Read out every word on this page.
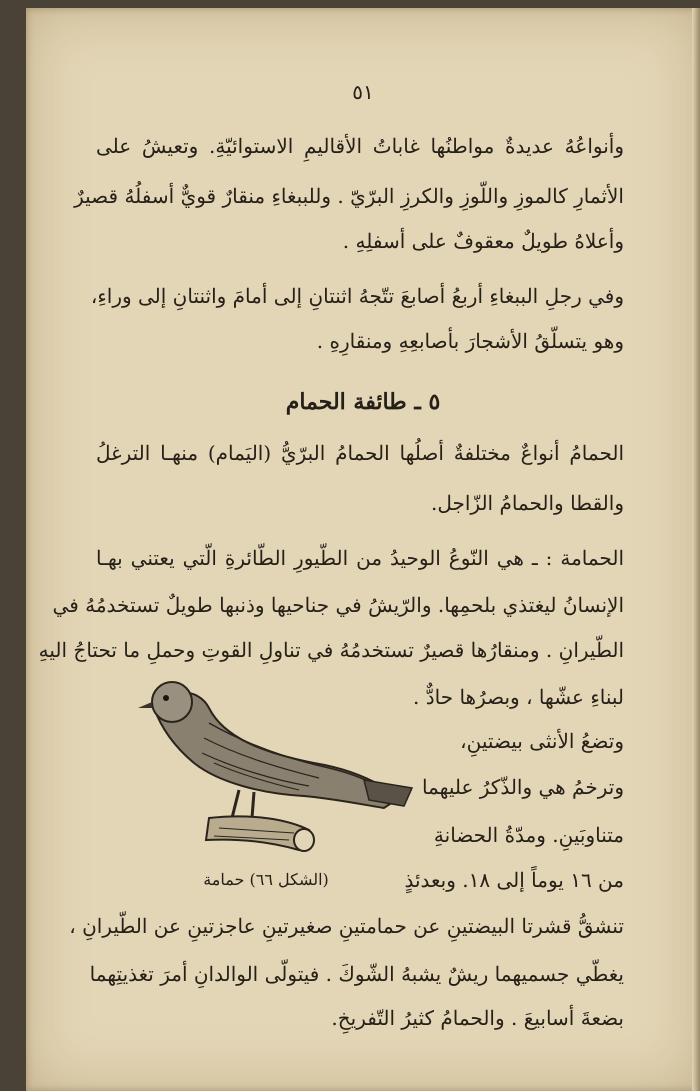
٥١
وأنواعُهُ عديدةٌ مواطنُها غاباتُ الأقاليمِ الاستوائيّةِ. وتعيشُ على
الأثمارِ كالموزِ واللّوزِ والكرزِ البرّيّ . وللببغاءِ منقارٌ قويٌّ أسفلُهُ قصيرٌ
وأعلاهُ طويلٌ معقوفٌ على أسفلِهِ .
وفي رجلِ الببغاءِ أربعُ أصابعَ تتّجهُ اثنتانِ إلى أمامَ واثنتانِ إلى وراءِ،
وهو يتسلّقُ الأشجارَ بأصابعِهِ ومنقارِهِ .
٥ ـ طائفة الحمام
الحمامُ أنواعٌ مختلفةٌ أصلُها الحمامُ البرّيُّ (اليَمام) منهـا الترغلُ
والقطا والحمامُ الزّاجل.
الحمامة : ـ هي النّوعُ الوحيدُ من الطّيورِ الطّائرةِ الّتي يعتني بهـا
الإنسانُ ليغتذي بلحمِها. والرّيشُ في جناحيها وذنبها طويلٌ تستخدمُهُ في
الطّيرانِ . ومنقارُها قصيرٌ تستخدمُهُ في تناولِ القوتِ وحملِ ما تحتاجُ اليهِ
لبناءِ عشّها ، وبصرُها حادٌّ .
وتضعُ الأنثى بيضتينِ،
وترخمُ هي والذّكرُ عليهما
متناوبَينِ. ومدّةُ الحضانةِ
من ١٦ يوماً إلى ١٨. وبعدئذٍ
(الشكل ٦٦) حمامة
تنشقُّ قشرتا البيضتينِ عن حمامتينِ صغيرتينِ عاجزتينِ عن الطّيرانِ ،
يغطّي جسميهما ريشٌ يشبهُ الشّوكَ . فيتولّى الوالدانِ أمرَ تغذيتِهما
بضعةَ أسابيعَ . والحمامُ كثيرُ التّفريخِ.
